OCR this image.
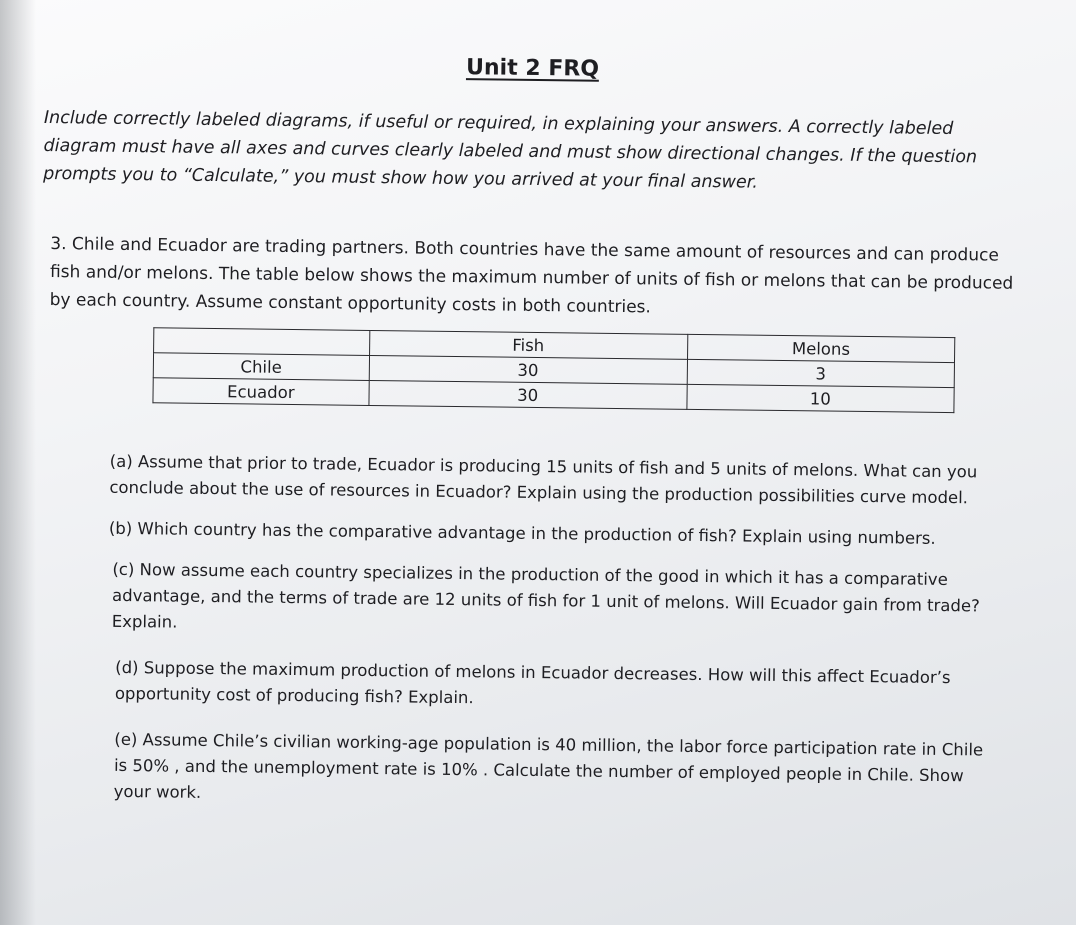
Unit 2 FRQ
Include correctly labeled diagrams, if useful or required, in explaining your answers. A correctly labeled diagram must have all axes and curves clearly labeled and must show directional changes. If the question prompts you to “Calculate,” you must show how you arrived at your final answer.
3. Chile and Ecuador are trading partners. Both countries have the same amount of resources and can produce fish and/or melons. The table below shows the maximum number of units of fish or melons that can be produced by each country. Assume constant opportunity costs in both countries.
	Fish	Melons
Chile	30	3
Ecuador	30	10

(a) Assume that prior to trade, Ecuador is producing 15 units of fish and 5 units of melons. What can you conclude about the use of resources in Ecuador? Explain using the production possibilities curve model.

(b) Which country has the comparative advantage in the production of fish? Explain using numbers.

(c) Now assume each country specializes in the production of the good in which it has a comparative advantage, and the terms of trade are 12 units of fish for 1 unit of melons. Will Ecuador gain from trade? Explain.

(d) Suppose the maximum production of melons in Ecuador decreases. How will this affect Ecuador’s opportunity cost of producing fish? Explain.

(e) Assume Chile’s civilian working-age population is 40 million, the labor force participation rate in Chile is 50% , and the unemployment rate is 10% . Calculate the number of employed people in Chile. Show your work.
